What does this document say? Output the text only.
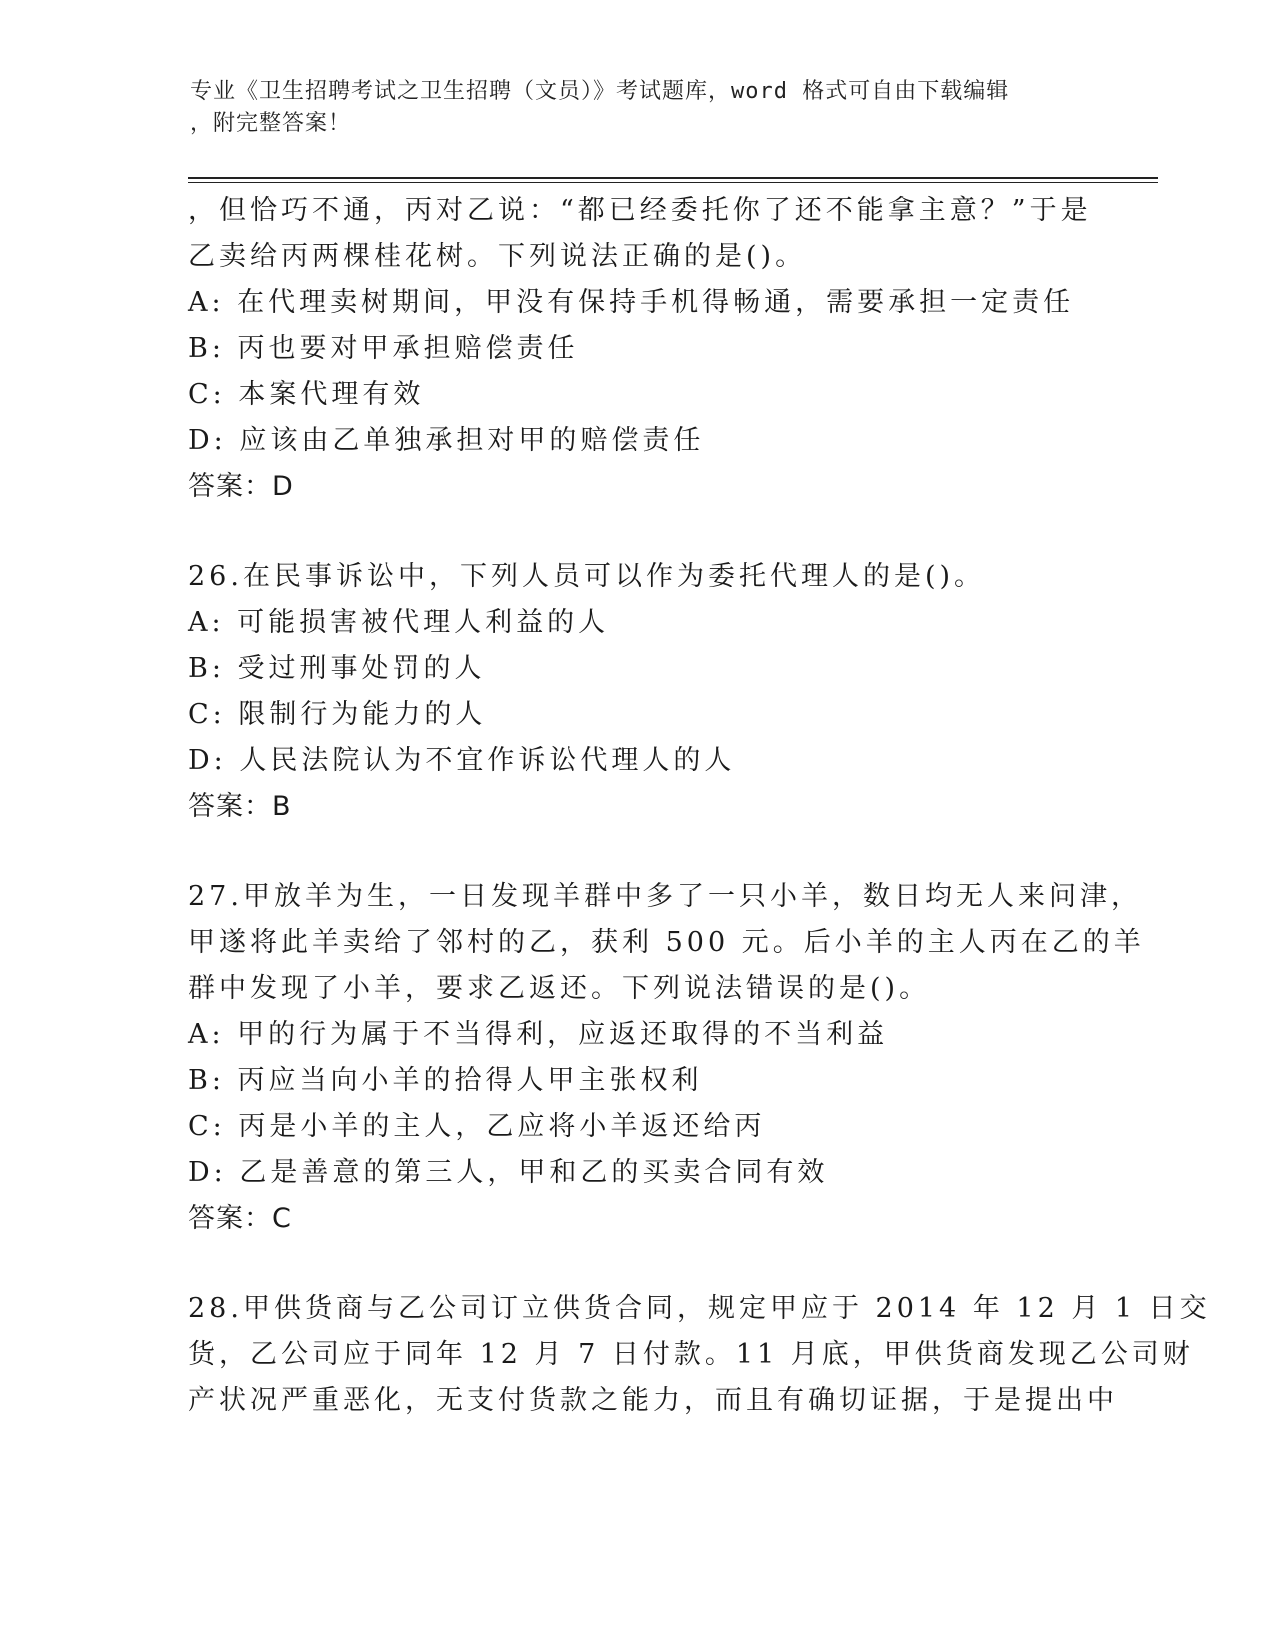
专业《卫生招聘考试之卫生招聘（文员）》考试题库，word 格式可自由下载编辑
，附完整答案！
，但恰巧不通，丙对乙说：“都已经委托你了还不能拿主意？”于是
乙卖给丙两棵桂花树。下列说法正确的是()。
A: 在代理卖树期间，甲没有保持手机得畅通，需要承担一定责任
B: 丙也要对甲承担赔偿责任
C: 本案代理有效
D: 应该由乙单独承担对甲的赔偿责任
答案：D
26.在民事诉讼中，下列人员可以作为委托代理人的是()。
A: 可能损害被代理人利益的人
B: 受过刑事处罚的人
C: 限制行为能力的人
D: 人民法院认为不宜作诉讼代理人的人
答案：B
27.甲放羊为生，一日发现羊群中多了一只小羊，数日均无人来问津，
甲遂将此羊卖给了邻村的乙，获利 500 元。后小羊的主人丙在乙的羊
群中发现了小羊，要求乙返还。下列说法错误的是()。
A: 甲的行为属于不当得利，应返还取得的不当利益
B: 丙应当向小羊的拾得人甲主张权利
C: 丙是小羊的主人，乙应将小羊返还给丙
D: 乙是善意的第三人，甲和乙的买卖合同有效
答案：C
28.甲供货商与乙公司订立供货合同，规定甲应于 2014 年 12 月 1 日交
货，乙公司应于同年 12 月 7 日付款。11 月底，甲供货商发现乙公司财
产状况严重恶化，无支付货款之能力，而且有确切证据，于是提出中
